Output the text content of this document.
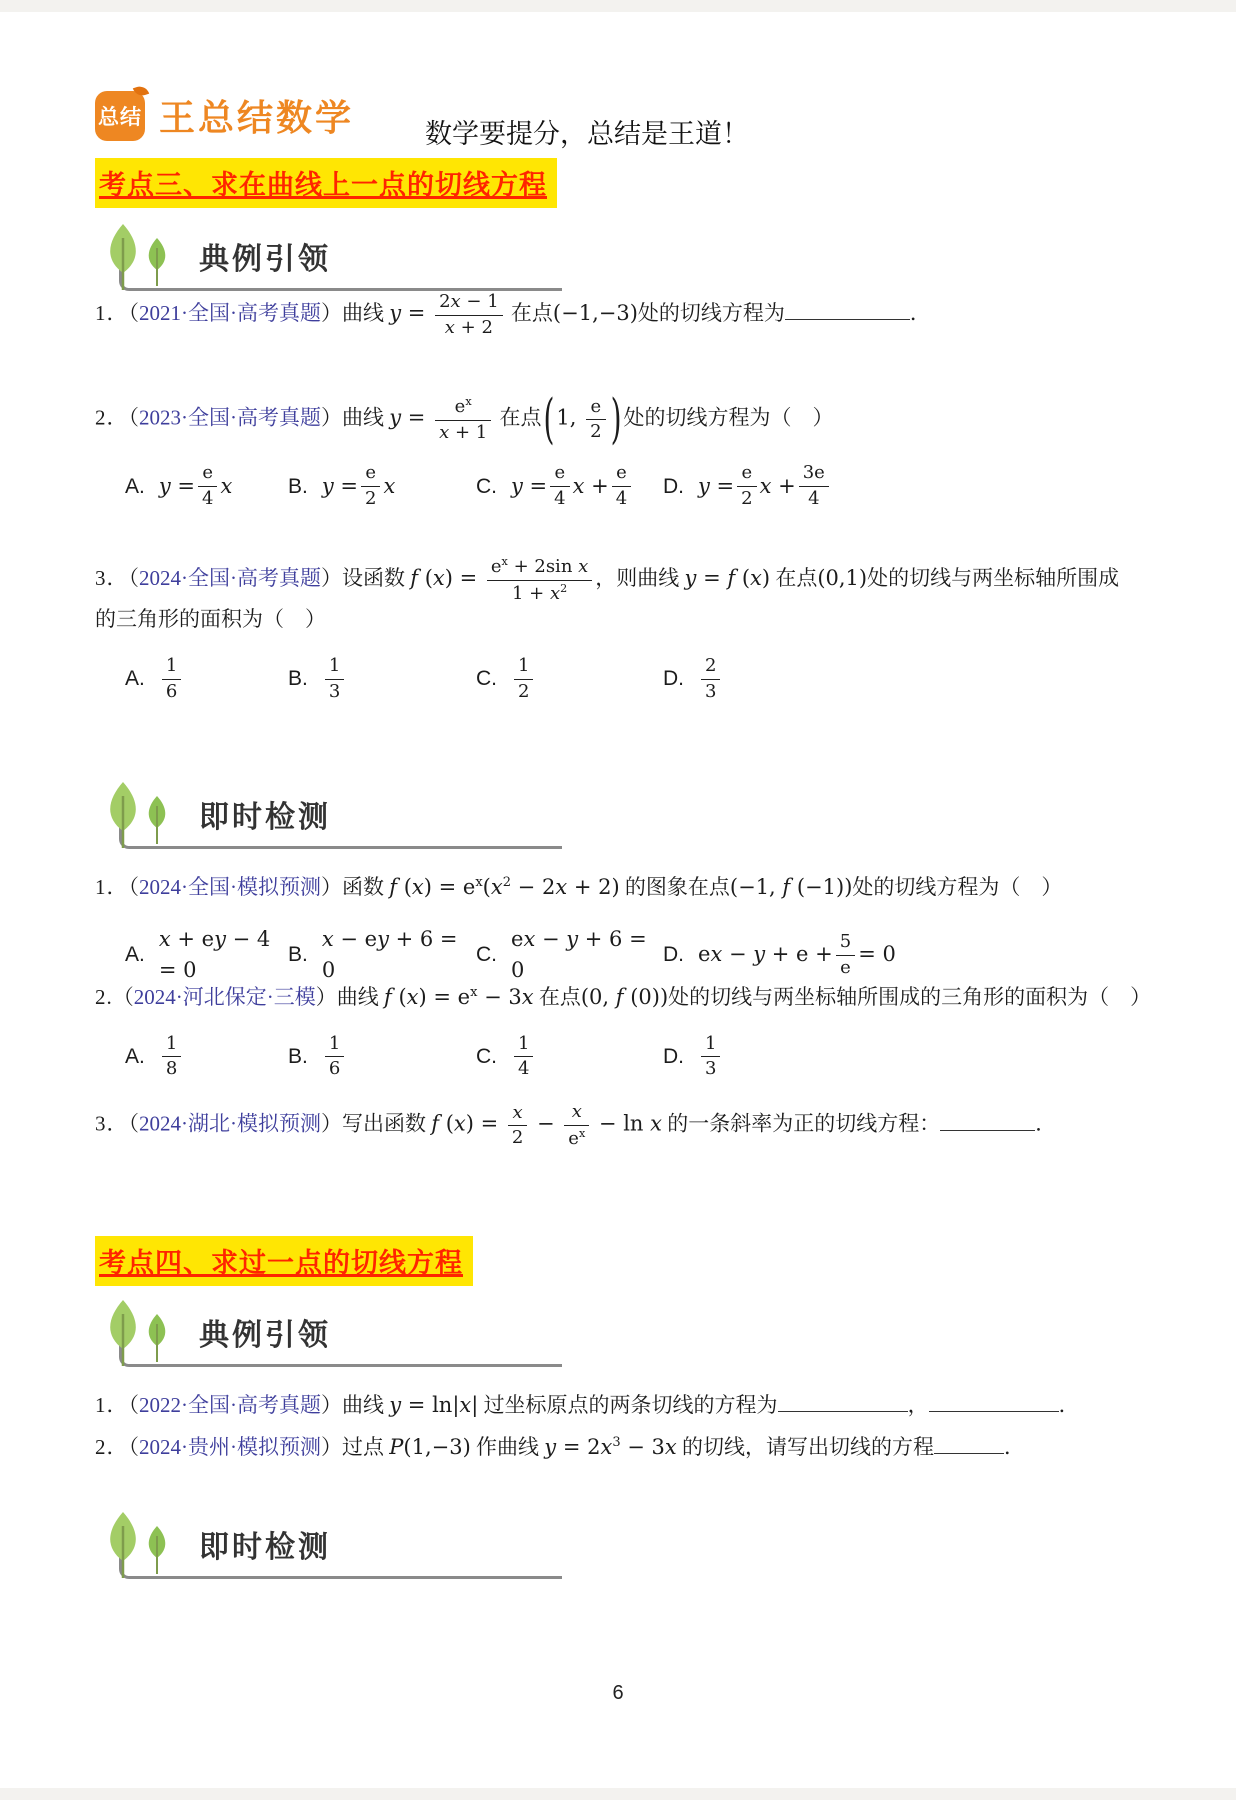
总结 王总结数学	数学要提分，总结是王道！
考点三、求在曲线上一点的切线方程
典例引领
1．（2021·全国·高考真题）曲线 $y = \frac{2x - 1}{x + 2}$ 在点(−1,−3)处的切线方程为	．
2．（2023·全国·高考真题）曲线 $y = \frac{e^x}{x + 1}$ 在点(1, $\frac{e}{2}$ )处的切线方程为（　）
A. $y = \frac{e}{4}$ x	B. $y = \frac{e}{2}$ x	C. $y = \frac{e}{4}$ $x + \frac{e}{4} D$. $y = \frac{e}{2}$ $x + \frac{3e}{4}$
3．（2024·全国·高考真题）设函数 f $(x) = \frac{e^x + 2\sin x}{1 + x^2}$ ，则曲线 y = f (x) 在点(0,1)处的切线与两坐标轴所围成
的三角形的面积为（　）
A. $\frac{1}{6}$	B. $\frac{1}{3}$	C. $\frac{1}{2}$	D. $\frac{2}{3}$
即时检测
1．（2024·全国·模拟预测）函数 f $(x) = e^x(x^2 - 2x + 2)$ 的图象在点(−1, f (−1))处的切线方程为（　）
A.
x + ey − 4 = 0
B.
x − ey + 6 = 0
C.
ex − y + 6 = 0
D. ex − $y + e + \frac{5}{e} = 0$
2.（2024·河北保定·三模）曲线 f $(x) = e^x - 3x$ 在点(0, f (0))处的切线与两坐标轴所围成的三角形的面积为（　）
A. $\frac{1}{8}$	B. $\frac{1}{6}$	C. $\frac{1}{4}$	D. $\frac{1}{3}$
3．（2024·湖北·模拟预测）写出函数 f $(x) = \frac{x}{2} - \frac{x}{e^x} - \ln x$ 的一条斜率为正的切线方程：	．
考点四、求过一点的切线方程
典例引领
1．（2022·全国·高考真题）曲线 y = ln|x| 过坐标原点的两条切线的方程为	，	．
2．（2024·贵州·模拟预测）过点 P(1,−3) 作曲线 $y = 2x^3 - 3x$ 的切线，请写出切线的方程	．
即时检测
6
